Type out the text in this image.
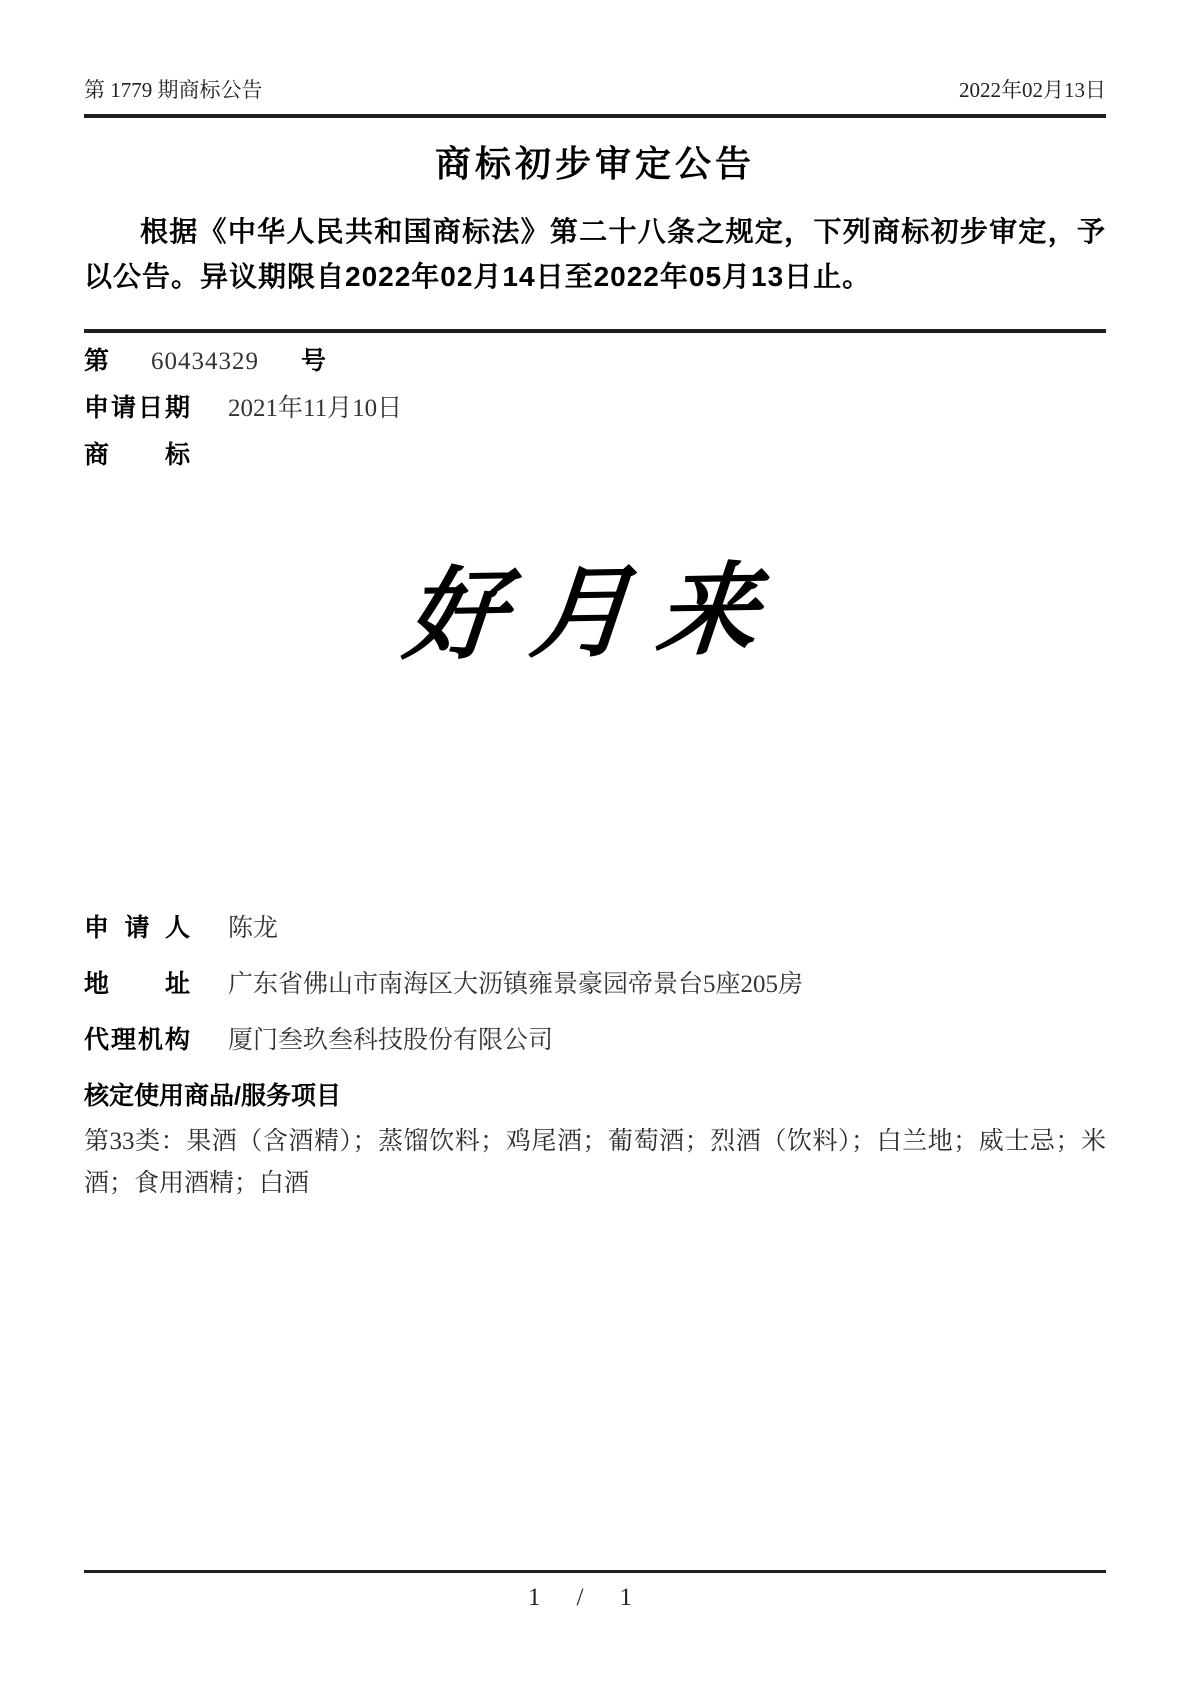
第 1779 期商标公告	2022年02月13日
商标初步审定公告

根据《中华人民共和国商标法》第二十八条之规定，下列商标初步审定，予以公告。异议期限自2022年02月14日至2022年05月13日止。

第 60434329 号
申请日期 2021年11月10日
商标
好月来
申请人 陈龙
地址 广东省佛山市南海区大沥镇雍景豪园帝景台5座205房
代理机构 厦门叁玖叁科技股份有限公司
核定使用商品/服务项目

第33类：果酒（含酒精）；蒸馏饮料；鸡尾酒；葡萄酒；烈酒（饮料）；白兰地；威士忌；米酒；食用酒精；白酒

1 / 1
